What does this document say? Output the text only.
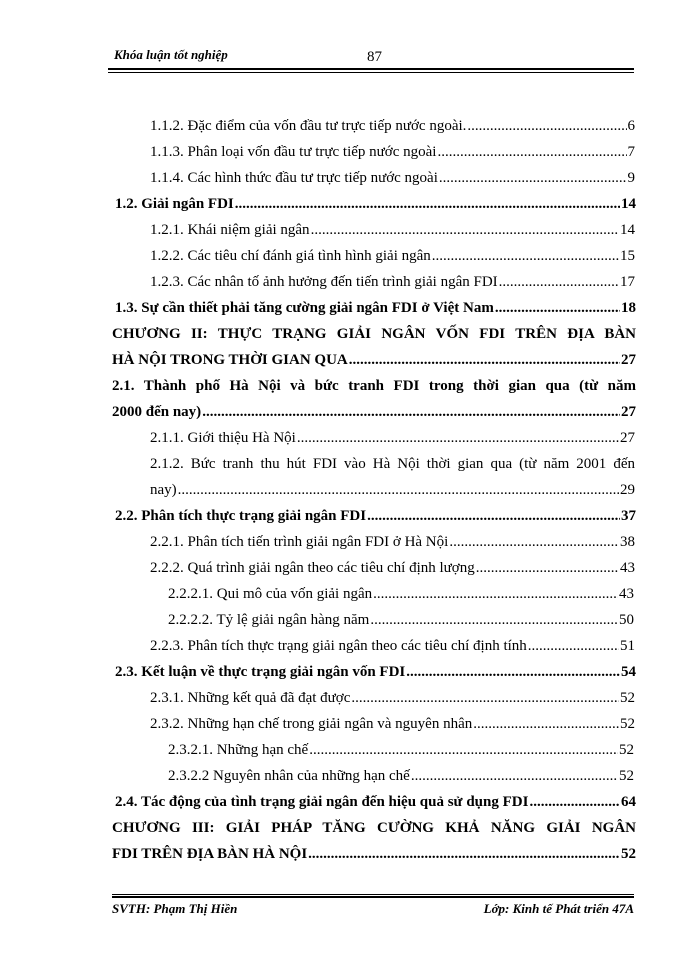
Khóa luận tốt nghiệp	87
1.1.2. Đặc điểm của vốn đầu tư trực tiếp nước ngoài. .....	6
1.1.3. Phân loại vốn đầu tư trực tiếp nước ngoài .....	7
1.1.4. Các hình thức đầu tư trực tiếp nước ngoài .....	9
1.2. Giải ngân FDI .....	14
1.2.1. Khái niệm giải ngân .....	14
1.2.2. Các tiêu chí đánh giá tình hình giải ngân .....	15
1.2.3. Các nhân tố ảnh hưởng đến tiến trình giải ngân FDI .....	17
1.3. Sự cần thiết phải tăng cường giải ngân FDI ở Việt Nam .....	18
CHƯƠNG II: THỰC TRẠNG GIẢI NGÂN VỐN FDI TRÊN ĐỊA BÀN
HÀ NỘI TRONG THỜI GIAN QUA .....	27
2.1. Thành phố Hà Nội và bức tranh FDI trong thời gian qua (từ năm
2000 đến nay) .....	27
2.1.1. Giới thiệu Hà Nội .....	27
2.1.2. Bức tranh thu hút FDI vào Hà Nội thời gian qua (từ năm 2001 đến
nay) .....	29
2.2. Phân tích thực trạng giải ngân FDI .....	37
2.2.1. Phân tích tiến trình giải ngân FDI ở Hà Nội .....	38
2.2.2. Quá trình giải ngân theo các tiêu chí định lượng .....	43
2.2.2.1. Qui mô của vốn giải ngân .....	43
2.2.2.2. Tỷ lệ giải ngân hàng năm .....	50
2.2.3. Phân tích thực trạng giải ngân theo các tiêu chí định tính .....	51
2.3. Kết luận về thực trạng giải ngân vốn FDI .....	54
2.3.1. Những kết quả đã đạt được .....	52
2.3.2. Những hạn chế trong giải ngân và nguyên nhân .....	52
2.3.2.1. Những hạn chế .....	52
2.3.2.2 Nguyên nhân của những hạn chế .....	52
2.4. Tác động của tình trạng giải ngân đến hiệu quả sử dụng FDI .....	64
CHƯƠNG III: GIẢI PHÁP TĂNG CƯỜNG KHẢ NĂNG GIẢI NGÂN
FDI TRÊN ĐỊA BÀN HÀ NỘI .....	52
SVTH: Phạm Thị Hiền	Lớp: Kinh tế Phát triển 47A
